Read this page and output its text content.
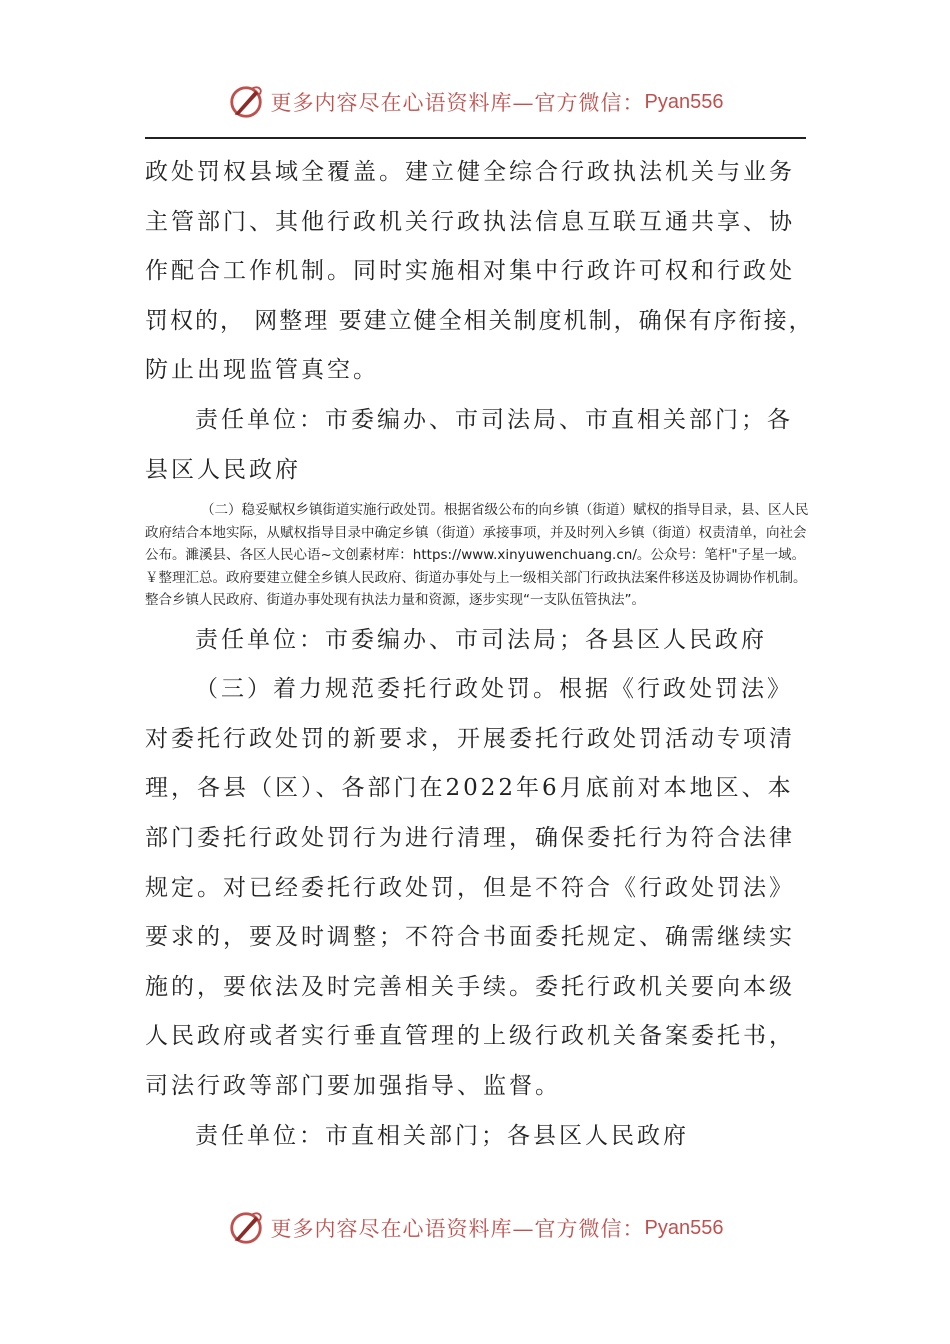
更多内容尽在心语资料库—官方微信： Pyan556

政处罚权县域全覆盖。建立健全综合行政执法机关与业务

主管部门、其他行政机关行政执法信息互联互通共享、协

作配合工作机制。同时实施相对集中行政许可权和行政处

罚权的， 网整理 要建立健全相关制度机制，确保有序衔接，

防止出现监管真空。

责任单位：市委编办、市司法局、市直相关部门；各

县区人民政府

（二）稳妥赋权乡镇街道实施行政处罚。根据省级公布的向乡镇（街道）赋权的指导目录，县、区人民政府结合本地实际，从赋权指导目录中确定乡镇（街道）承接事项，并及时列入乡镇（街道）权责清单，向社会公布。濉溪县、各区人民心语~文创素材库：https://www.xinyuwenchuang.cn/。公众号：笔杆"子星一域。￥整理汇总。政府要建立健全乡镇人民政府、街道办事处与上一级相关部门行政执法案件移送及协调协作机制。整合乡镇人民政府、街道办事处现有执法力量和资源，逐步实现“一支队伍管执法”。

责任单位：市委编办、市司法局；各县区人民政府

（三）着力规范委托行政处罚。根据《行政处罚法》

对委托行政处罚的新要求，开展委托行政处罚活动专项清

理，各县（区）、各部门在2022年6月底前对本地区、本

部门委托行政处罚行为进行清理，确保委托行为符合法律

规定。对已经委托行政处罚，但是不符合《行政处罚法》

要求的，要及时调整；不符合书面委托规定、确需继续实

施的，要依法及时完善相关手续。委托行政机关要向本级

人民政府或者实行垂直管理的上级行政机关备案委托书，

司法行政等部门要加强指导、监督。

责任单位：市直相关部门；各县区人民政府

更多内容尽在心语资料库—官方微信： Pyan556
